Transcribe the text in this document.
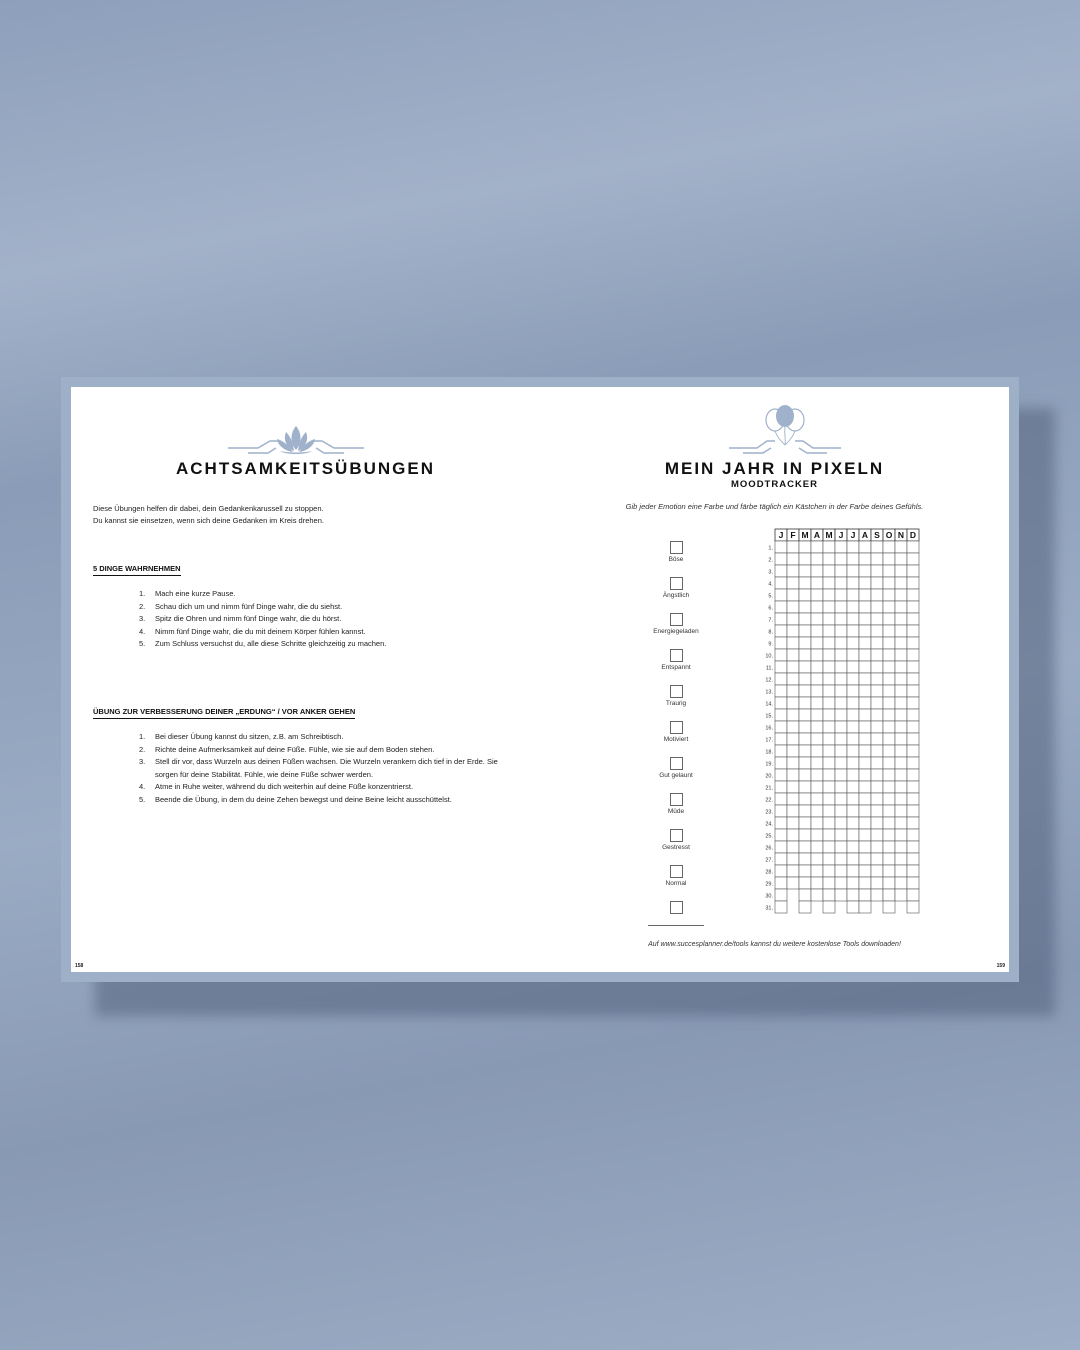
ACHTSAMKEITSÜBUNGEN
Diese Übungen helfen dir dabei, dein Gedankenkarussell zu stoppen.
Du kannst sie einsetzen, wenn sich deine Gedanken im Kreis drehen.
5 DINGE WAHRNEHMEN
1. Mach eine kurze Pause.
2. Schau dich um und nimm fünf Dinge wahr, die du siehst.
3. Spitz die Ohren und nimm fünf Dinge wahr, die du hörst.
4. Nimm fünf Dinge wahr, die du mit deinem Körper fühlen kannst.
5. Zum Schluss versuchst du, alle diese Schritte gleichzeitig zu machen.
ÜBUNG ZUR VERBESSERUNG DEINER „ERDUNG“ / VOR ANKER GEHEN
1. Bei dieser Übung kannst du sitzen, z.B. am Schreibtisch.
2. Richte deine Aufmerksamkeit auf deine Füße. Fühle, wie sie auf dem Boden stehen.
3. Stell dir vor, dass Wurzeln aus deinen Füßen wachsen. Die Wurzeln verankern dich tief in der Erde. Sie sorgen für deine Stabilität. Fühle, wie deine Füße schwer werden.
4. Atme in Ruhe weiter, während du dich weiterhin auf deine Füße konzentrierst.
5. Beende die Übung, in dem du deine Zehen bewegst und deine Beine leicht ausschüttelst.
158
MEIN JAHR IN PIXELN
MOODTRACKER
Gib jeder Emotion eine Farbe und färbe täglich ein Kästchen in der Farbe deines Gefühls.
Auf www.succesplanner.de/tools kannst du weitere kostenlose Tools downloaden!
159
Böse
Ängstlich
Energiegeladen
Entspannt
Traurig
Motiviert
Gut gelaunt
Müde
Gestresst
Normal
J F M A M J J A S O N D
1.
2.
3.
4.
5.
6.
7.
8.
9.
10.
11.
12.
13.
14.
15.
16.
17.
18.
19.
20.
21.
22.
23.
24.
25.
26.
27.
28.
29.
30.
31.
